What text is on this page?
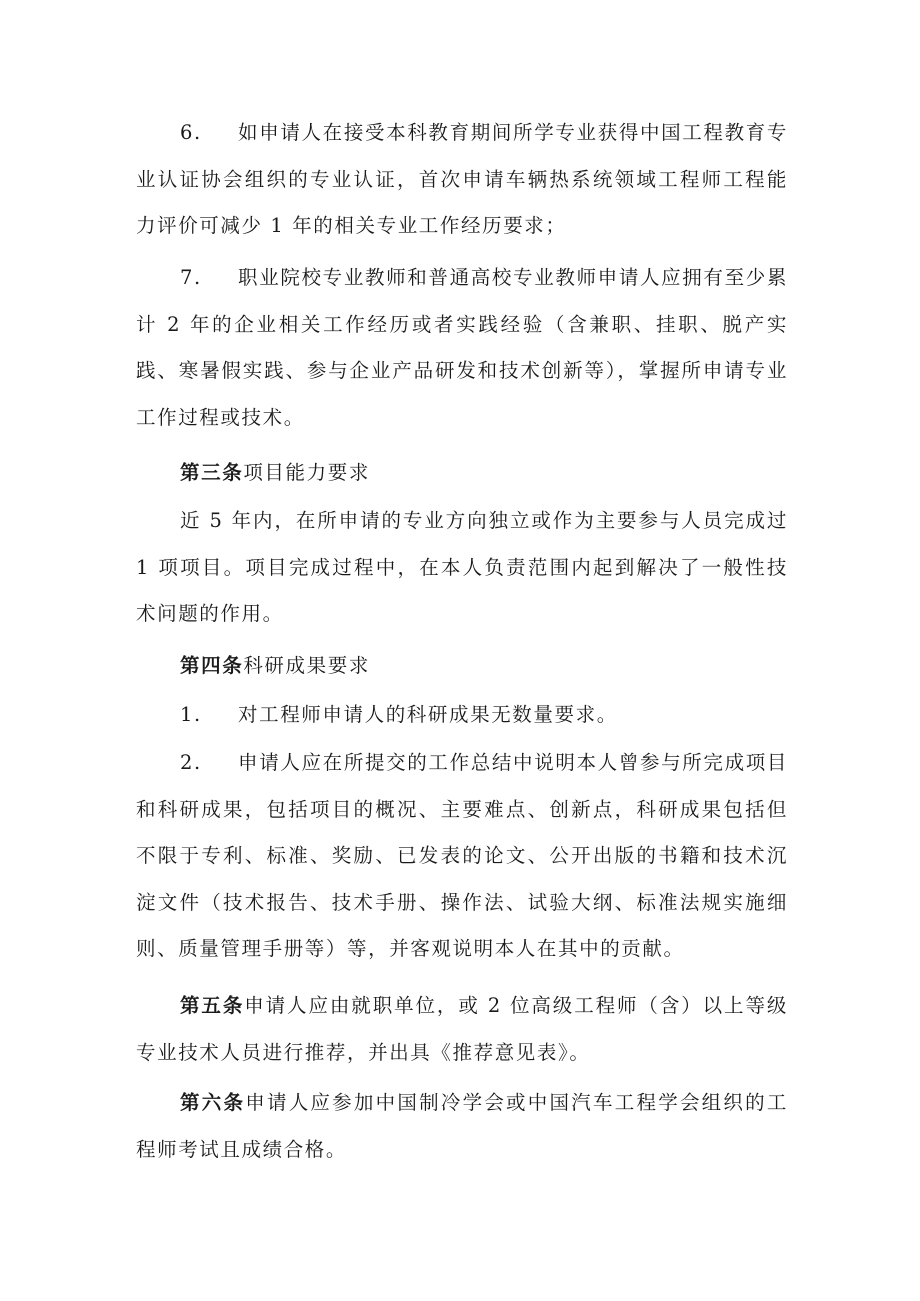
6. 如申请人在接受本科教育期间所学专业获得中国工程教育专业认证协会组织的专业认证，首次申请车辆热系统领域工程师工程能力评价可减少 1 年的相关专业工作经历要求；

7. 职业院校专业教师和普通高校专业教师申请人应拥有至少累计 2 年的企业相关工作经历或者实践经验（含兼职、挂职、脱产实践、寒暑假实践、参与企业产品研发和技术创新等），掌握所申请专业工作过程或技术。

第三条项目能力要求

近 5 年内，在所申请的专业方向独立或作为主要参与人员完成过 1 项项目。项目完成过程中，在本人负责范围内起到解决了一般性技术问题的作用。

第四条科研成果要求

1. 对工程师申请人的科研成果无数量要求。

2. 申请人应在所提交的工作总结中说明本人曾参与所完成项目和科研成果，包括项目的概况、主要难点、创新点，科研成果包括但不限于专利、标准、奖励、已发表的论文、公开出版的书籍和技术沉淀文件（技术报告、技术手册、操作法、试验大纲、标准法规实施细则、质量管理手册等）等，并客观说明本人在其中的贡献。

第五条申请人应由就职单位，或 2 位高级工程师（含）以上等级专业技术人员进行推荐，并出具《推荐意见表》。

第六条申请人应参加中国制冷学会或中国汽车工程学会组织的工程师考试且成绩合格。
